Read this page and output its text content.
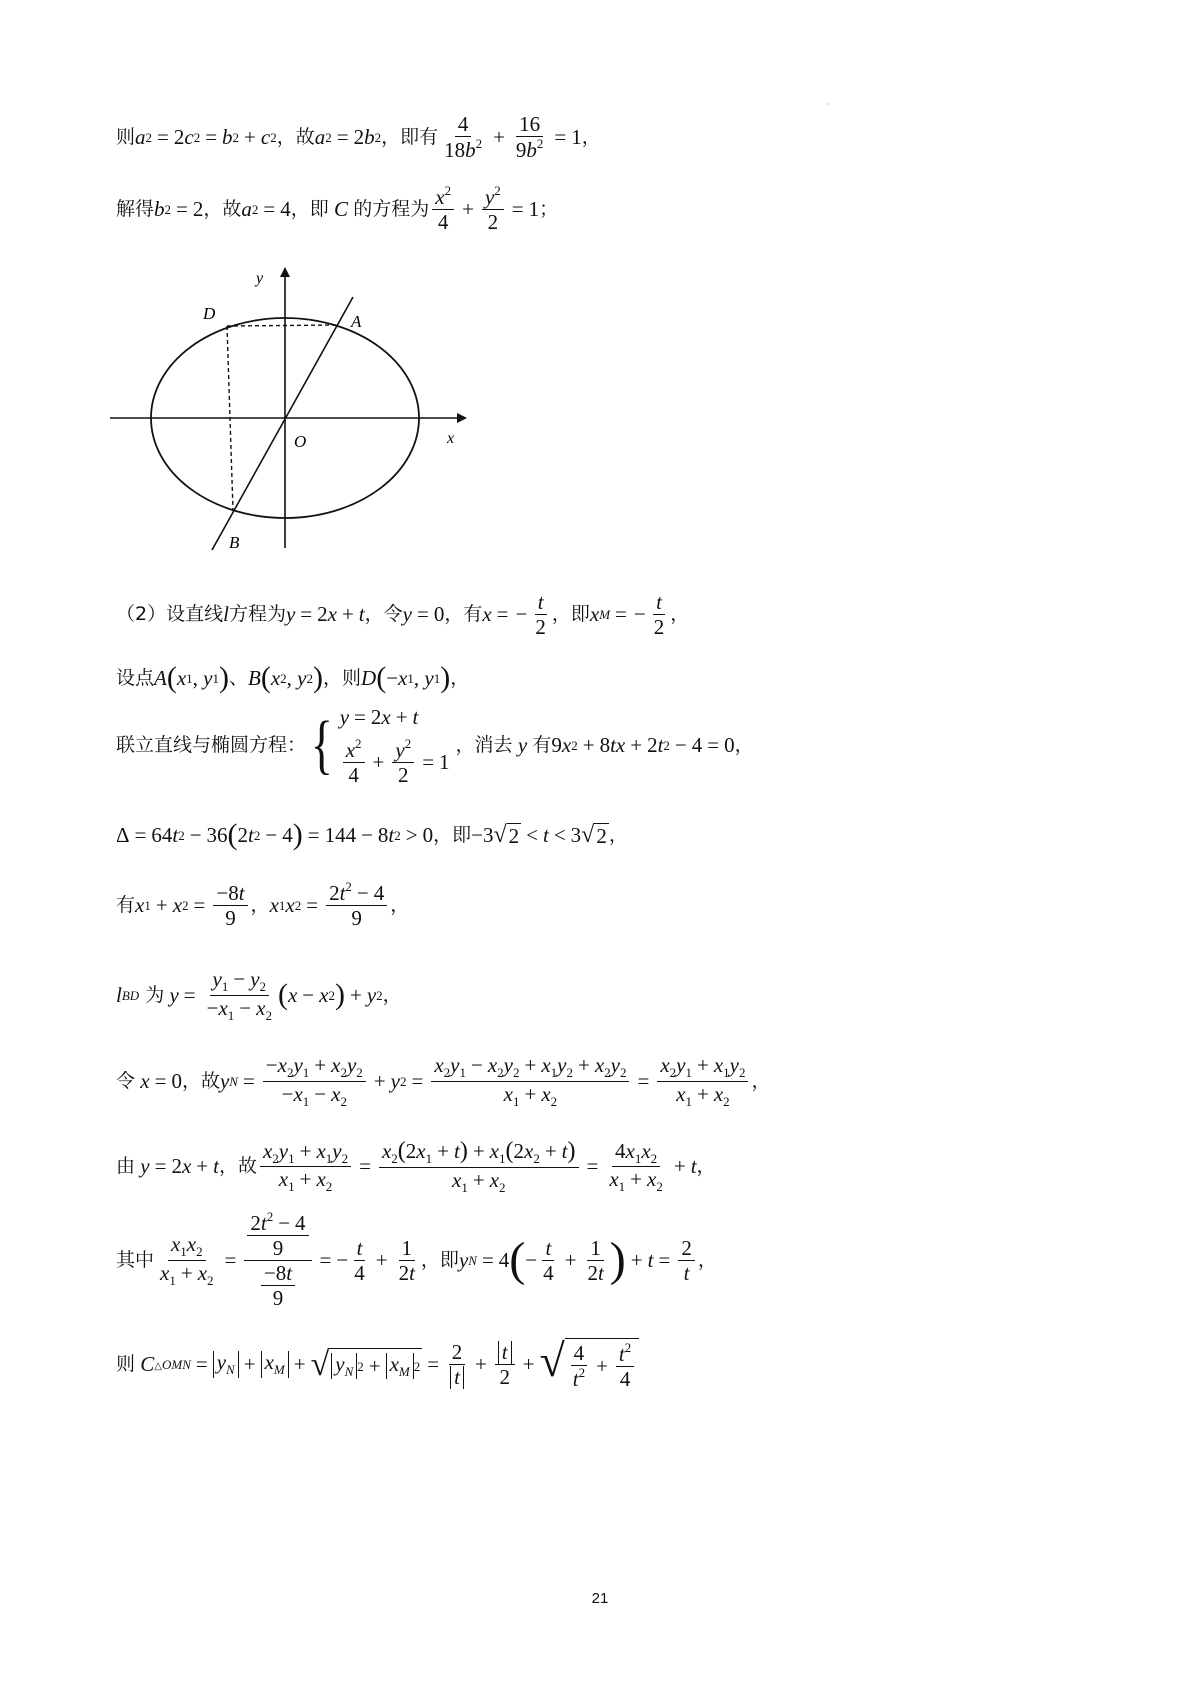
·
则 a 2 = 2 c 2 = b 2 + c 2 ，故 a 2 = 2 b 2 ，即有 $\frac{4}{18b^2} + \frac{16}{9b^2} = 1$ ，
解得 b 2 = 2 ，故 a 2 = 4 ，即 C 的方程为 $\frac{x^2}{4} + \frac{y^2}{2} = 1$ ；
y
x
O
A
B
D
（2）设直线 l 方程为 y = 2 x + t ，令 y = 0 ，有 x = − $\frac{t}{2}$ ，即 x M = − $\frac{t}{2}$ ，
设点 A ( x 1 , y 1 ) 、 B ( x 2 , y 2 ) ，则 D ( − x 1 , y 1 ) ，
联立直线与椭圆方程： { y = 2 x + t
$\frac{x^2}{4} + \frac{y^2}{2} = 1$
，消去 y 有 9 x 2 + 8 tx + 2 t 2 − 4 = 0 ，
Δ = 64 t 2 − 36 ( 2 t 2 − 4 ) = 144 − 8 t 2 > 0 ，即 −3 √ 2 < t < 3 √ 2 ，
有 x 1 + x $2 = \frac{-8t}{9}$ ， x 1 x $2 = \frac{2t^2 - 4}{9}$ ，
l BD 为 $y = \frac{y_1 - y_2}{-x_1 - x_2}$ ( x − x 2 ) + y 2 ，
令 x = 0 ，故 y $N = \frac{-x_2y_1 + x_2y_2}{-x_1 - x_2} + y$ $2 = \frac{x_2y_1 - x_2y_2 + x_1y_2 + x_2y_2}{x_1 + x_2} = \frac{x_2y_1 + x_1y_2}{x_1 + x_2}$ ，
由 y = 2 x + t ，故 $\frac{x_2y_1 + x_1y_2}{x_1 + x_2} = \frac{x_2(2x_1 + t) + x_1(2x_2 + t)}{x_1 + x_2} = \frac{4x_1x_2}{x_1 + x_2} + t$ ，
其中 $\frac{x_1x_2}{x_1 + x_2} = \frac{\frac{2t^2 - 4}{9}}{\frac{-8t}{9}}$ = − $\frac{t}{4} + \frac{1}{2t}$ ，即 y N = 4 ( − $\frac{t}{4} + \frac{1}{2t}$ ) + $t = \frac{2}{t}$ ，
则 C △OMN = $y_N + x_M$ + √ $y_N$ $2 + x_M$ $2 = \frac{2}{t} + \frac{t}{2}$ + √ $\frac{4}{t^2} + \frac{t^2}{4}$
21
